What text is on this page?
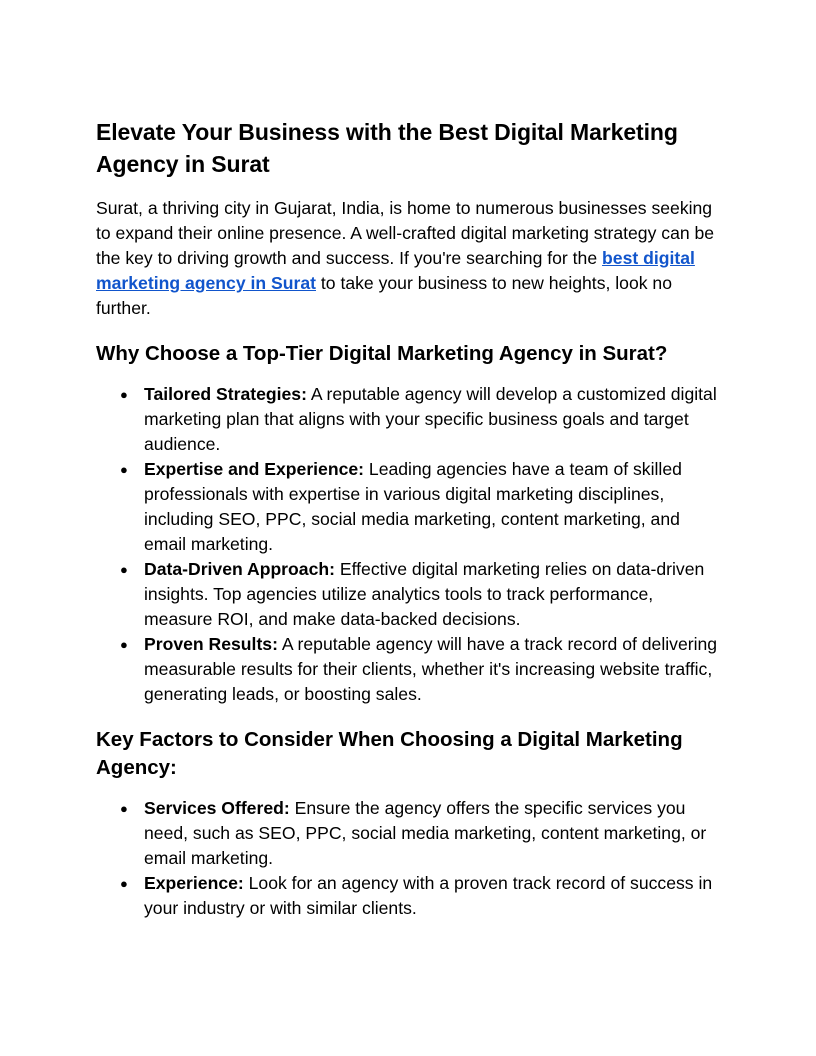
Elevate Your Business with the Best Digital Marketing Agency in Surat

Surat, a thriving city in Gujarat, India, is home to numerous businesses seeking to expand their online presence. A well-crafted digital marketing strategy can be the key to driving growth and success. If you're searching for the best digital marketing agency in Surat to take your business to new heights, look no further.

Why Choose a Top-Tier Digital Marketing Agency in Surat?
● Tailored Strategies: A reputable agency will develop a customized digital marketing plan that aligns with your specific business goals and target audience.
● Expertise and Experience: Leading agencies have a team of skilled professionals with expertise in various digital marketing disciplines, including SEO, PPC, social media marketing, content marketing, and email marketing.
● Data-Driven Approach: Effective digital marketing relies on data-driven insights. Top agencies utilize analytics tools to track performance, measure ROI, and make data-backed decisions.
● Proven Results: A reputable agency will have a track record of delivering measurable results for their clients, whether it's increasing website traffic, generating leads, or boosting sales.
Key Factors to Consider When Choosing a Digital Marketing Agency:
● Services Offered: Ensure the agency offers the specific services you need, such as SEO, PPC, social media marketing, content marketing, or email marketing.
● Experience: Look for an agency with a proven track record of success in your industry or with similar clients.
